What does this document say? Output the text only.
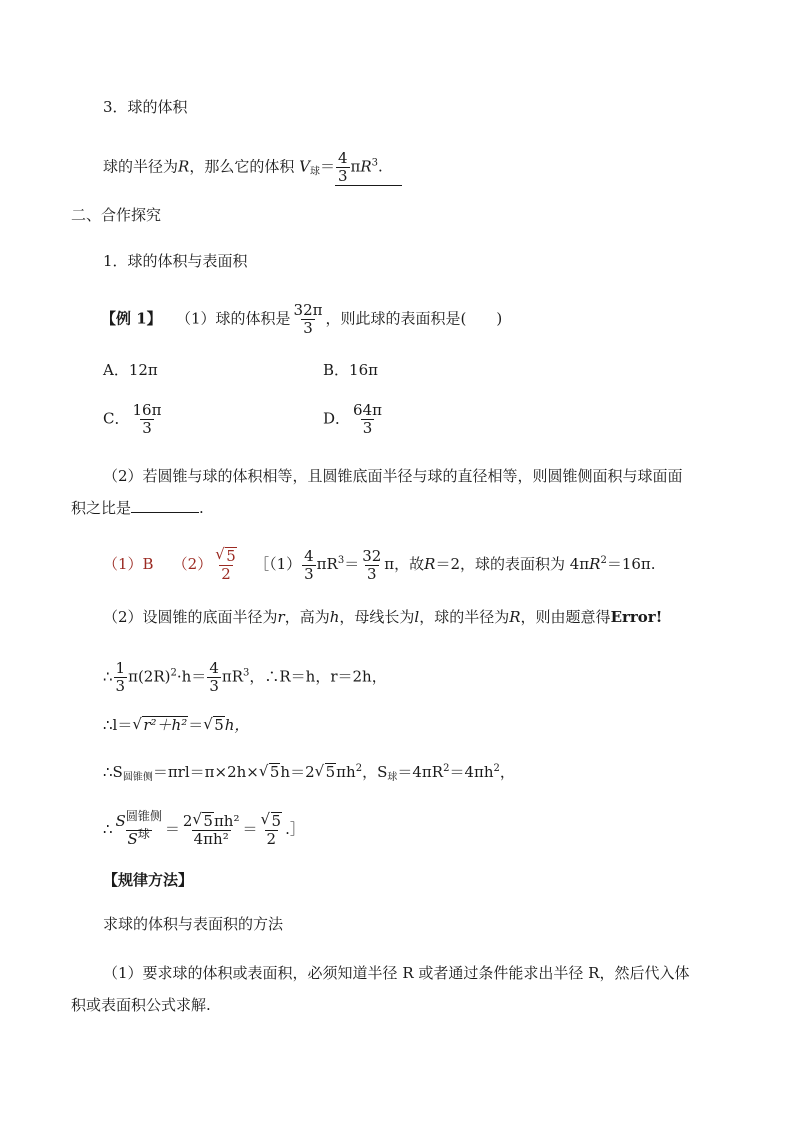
3．球的体积
球的半径为R，那么它的体积 $V_球= \frac{4}{3} \pi R^3$.
二、合作探究
1．球的体积与表面积
【例 1】 （1）球的体积是 $\frac{32\pi}{3}$ ，则此球的表面积是(　　)
A．12π	B．16π
C． $\frac{16\pi}{3}$	D． $\frac{64\pi}{3}$
（2）若圆锥与球的体积相等，且圆锥底面半径与球的直径相等，则圆锥侧面积与球面面
积之比是	.
（1）B $(2) \frac{√ 5}{2}$ ［（1） $\frac{4}{3} \pi R^3= \frac{32}{3}$ π，故R＝2，球的表面积为 $4\pi R^2=16\pi$.
（2）设圆锥的底面半径为r，高为h，母线长为l，球的半径为R，则由题意得Error!
∴ $\frac{1}{3} \pi(2R)^2\cdot h= \frac{4}{3} \pi R^3$，∴R＝h，r＝2h，
∴l＝ √ r²＋h²＝ √ 5h，
$\therefore S_{圆锥侧}=\pi rl=\pi\times 2h\times$ √ 5h＝2 √ $5\pi h^2$，$S_球=4\pi R^2=4\pi h^2$，
∴ $\frac{S^{圆锥侧}}{S^球} = \frac{\text{2 √ 5πh²}}{\text{4πh²}} = \frac{√ 5}{2}$ .］
【规律方法】
求球的体积与表面积的方法
（1）要求球的体积或表面积，必须知道半径 R 或者通过条件能求出半径 R，然后代入体
积或表面积公式求解.
